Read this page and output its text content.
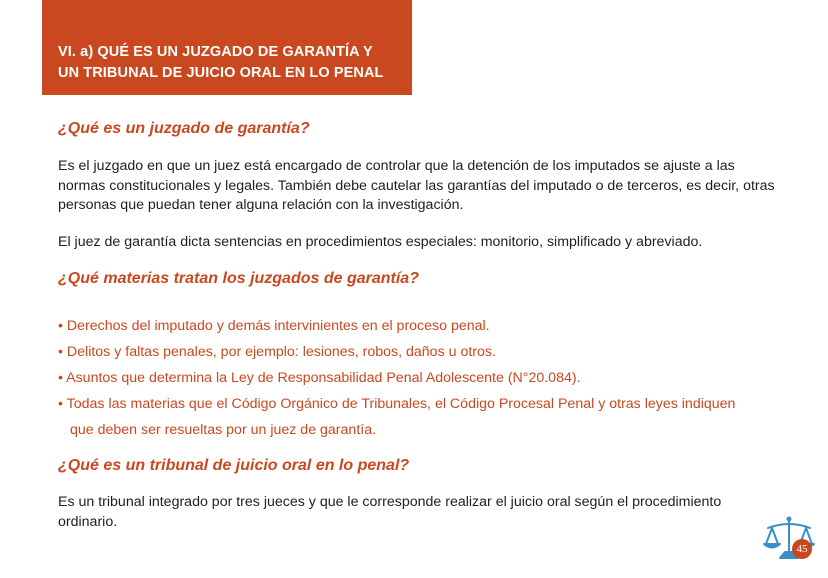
VI. a) QUÉ ES UN JUZGADO DE GARANTÍA Y
UN TRIBUNAL DE JUICIO ORAL EN LO PENAL
¿Qué es un juzgado de garantía?

Es el juzgado en que un juez está encargado de controlar que la detención de los imputados se ajuste a las normas constitucionales y legales. También debe cautelar las garantías del imputado o de terceros, es decir, otras personas que puedan tener alguna relación con la investigación.

El juez de garantía dicta sentencias en procedimientos especiales: monitorio, simplificado y abreviado.

¿Qué materias tratan los juzgados de garantía?
• Derechos del imputado y demás intervinientes en el proceso penal.
• Delitos y faltas penales, por ejemplo: lesiones, robos, daños u otros.
• Asuntos que determina la Ley de Responsabilidad Penal Adolescente (N°20.084).
• Todas las materias que el Código Orgánico de Tribunales, el Código Procesal Penal y otras leyes indiquen
que deben ser resueltas por un juez de garantía.
¿Qué es un tribunal de juicio oral en lo penal?

Es un tribunal integrado por tres jueces y que le corresponde realizar el juicio oral según el procedimiento ordinario.

45
